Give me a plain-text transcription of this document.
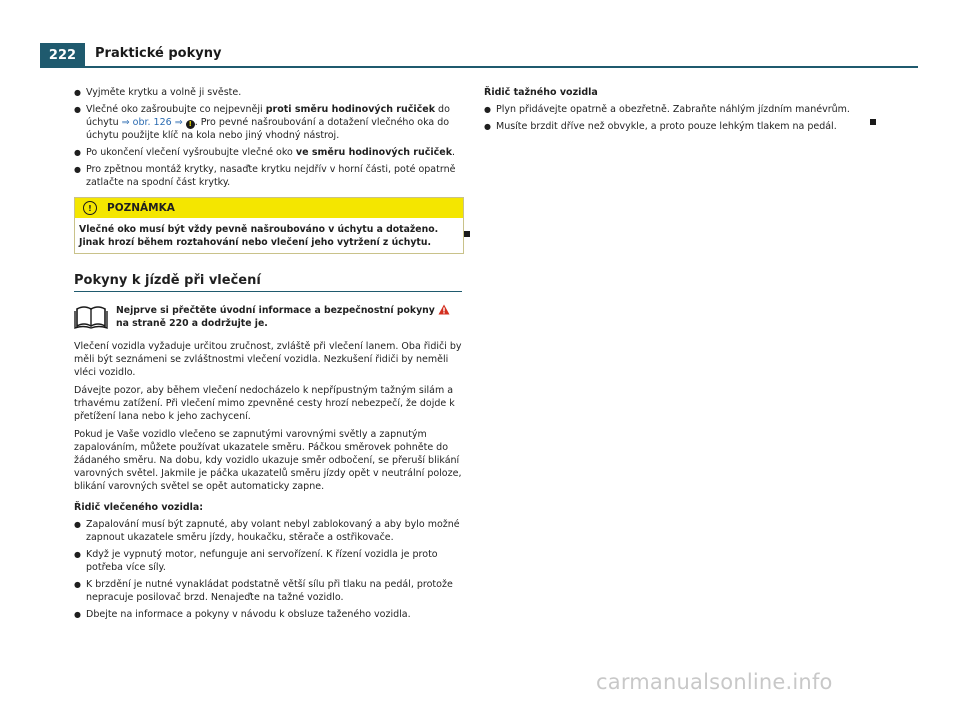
222	Praktické pokyny
● Vyjměte krytku a volně ji svěste.
● Vlečné oko zašroubujte co nejpevněji proti směru hodinových ručiček do úchytu ⇒ obr. 126 ⇒ ! . Pro pevné našroubování a dotažení vlečného oka do úchytu použijte klíč na kola nebo jiný vhodný nástroj.
● Po ukončení vlečení vyšroubujte vlečné oko ve směru hodinových ručiček.
● Pro zpětnou montáž krytky, nasaďte krytku nejdřív v horní části, poté opatrně zatlačte na spodní část krytky.
!	POZNÁMKA
Vlečné oko musí být vždy pevně našroubováno v úchytu a dotaženo. Jinak hrozí během roztahování nebo vlečení jeho vytržení z úchytu.
Pokyny k jízdě při vlečení
Nejprve si přečtěte úvodní informace a bezpečnostní pokyny  na straně 220 a dodržujte je.

Vlečení vozidla vyžaduje určitou zručnost, zvláště při vlečení lanem. Oba řidiči by měli být seznámeni se zvláštnostmi vlečení vozidla. Nezkušení řidiči by neměli vléci vozidlo.

Dávejte pozor, aby během vlečení nedocházelo k nepřípustným tažným silám a trhavému zatížení. Při vlečení mimo zpevněné cesty hrozí nebezpečí, že dojde k přetížení lana nebo k jeho zachycení.

Pokud je Vaše vozidlo vlečeno se zapnutými varovnými světly a zapnutým zapalováním, můžete používat ukazatele směru. Páčkou směrovek pohněte do žádaného směru. Na dobu, kdy vozidlo ukazuje směr odbočení, se přeruší blikání varovných světel. Jakmile je páčka ukazatelů směru jízdy opět v neutrální poloze, blikání varovných světel se opět automaticky zapne.

Řidič vlečeného vozidla:
● Zapalování musí být zapnuté, aby volant nebyl zablokovaný a aby bylo možné zapnout ukazatele směru jízdy, houkačku, stěrače a ostřikovače.
● Když je vypnutý motor, nefunguje ani servořízení. K řízení vozidla je proto potřeba více síly.
● K brzdění je nutné vynakládat podstatně větší sílu při tlaku na pedál, protože nepracuje posilovač brzd. Nenajeďte na tažné vozidlo.
● Dbejte na informace a pokyny v návodu k obsluze taženého vozidla.
Řidič tažného vozidla
● Plyn přidávejte opatrně a obezřetně. Zabraňte náhlým jízdním manévrům.
● Musíte brzdit dříve než obvykle, a proto pouze lehkým tlakem na pedál.
carmanualsonline.info
